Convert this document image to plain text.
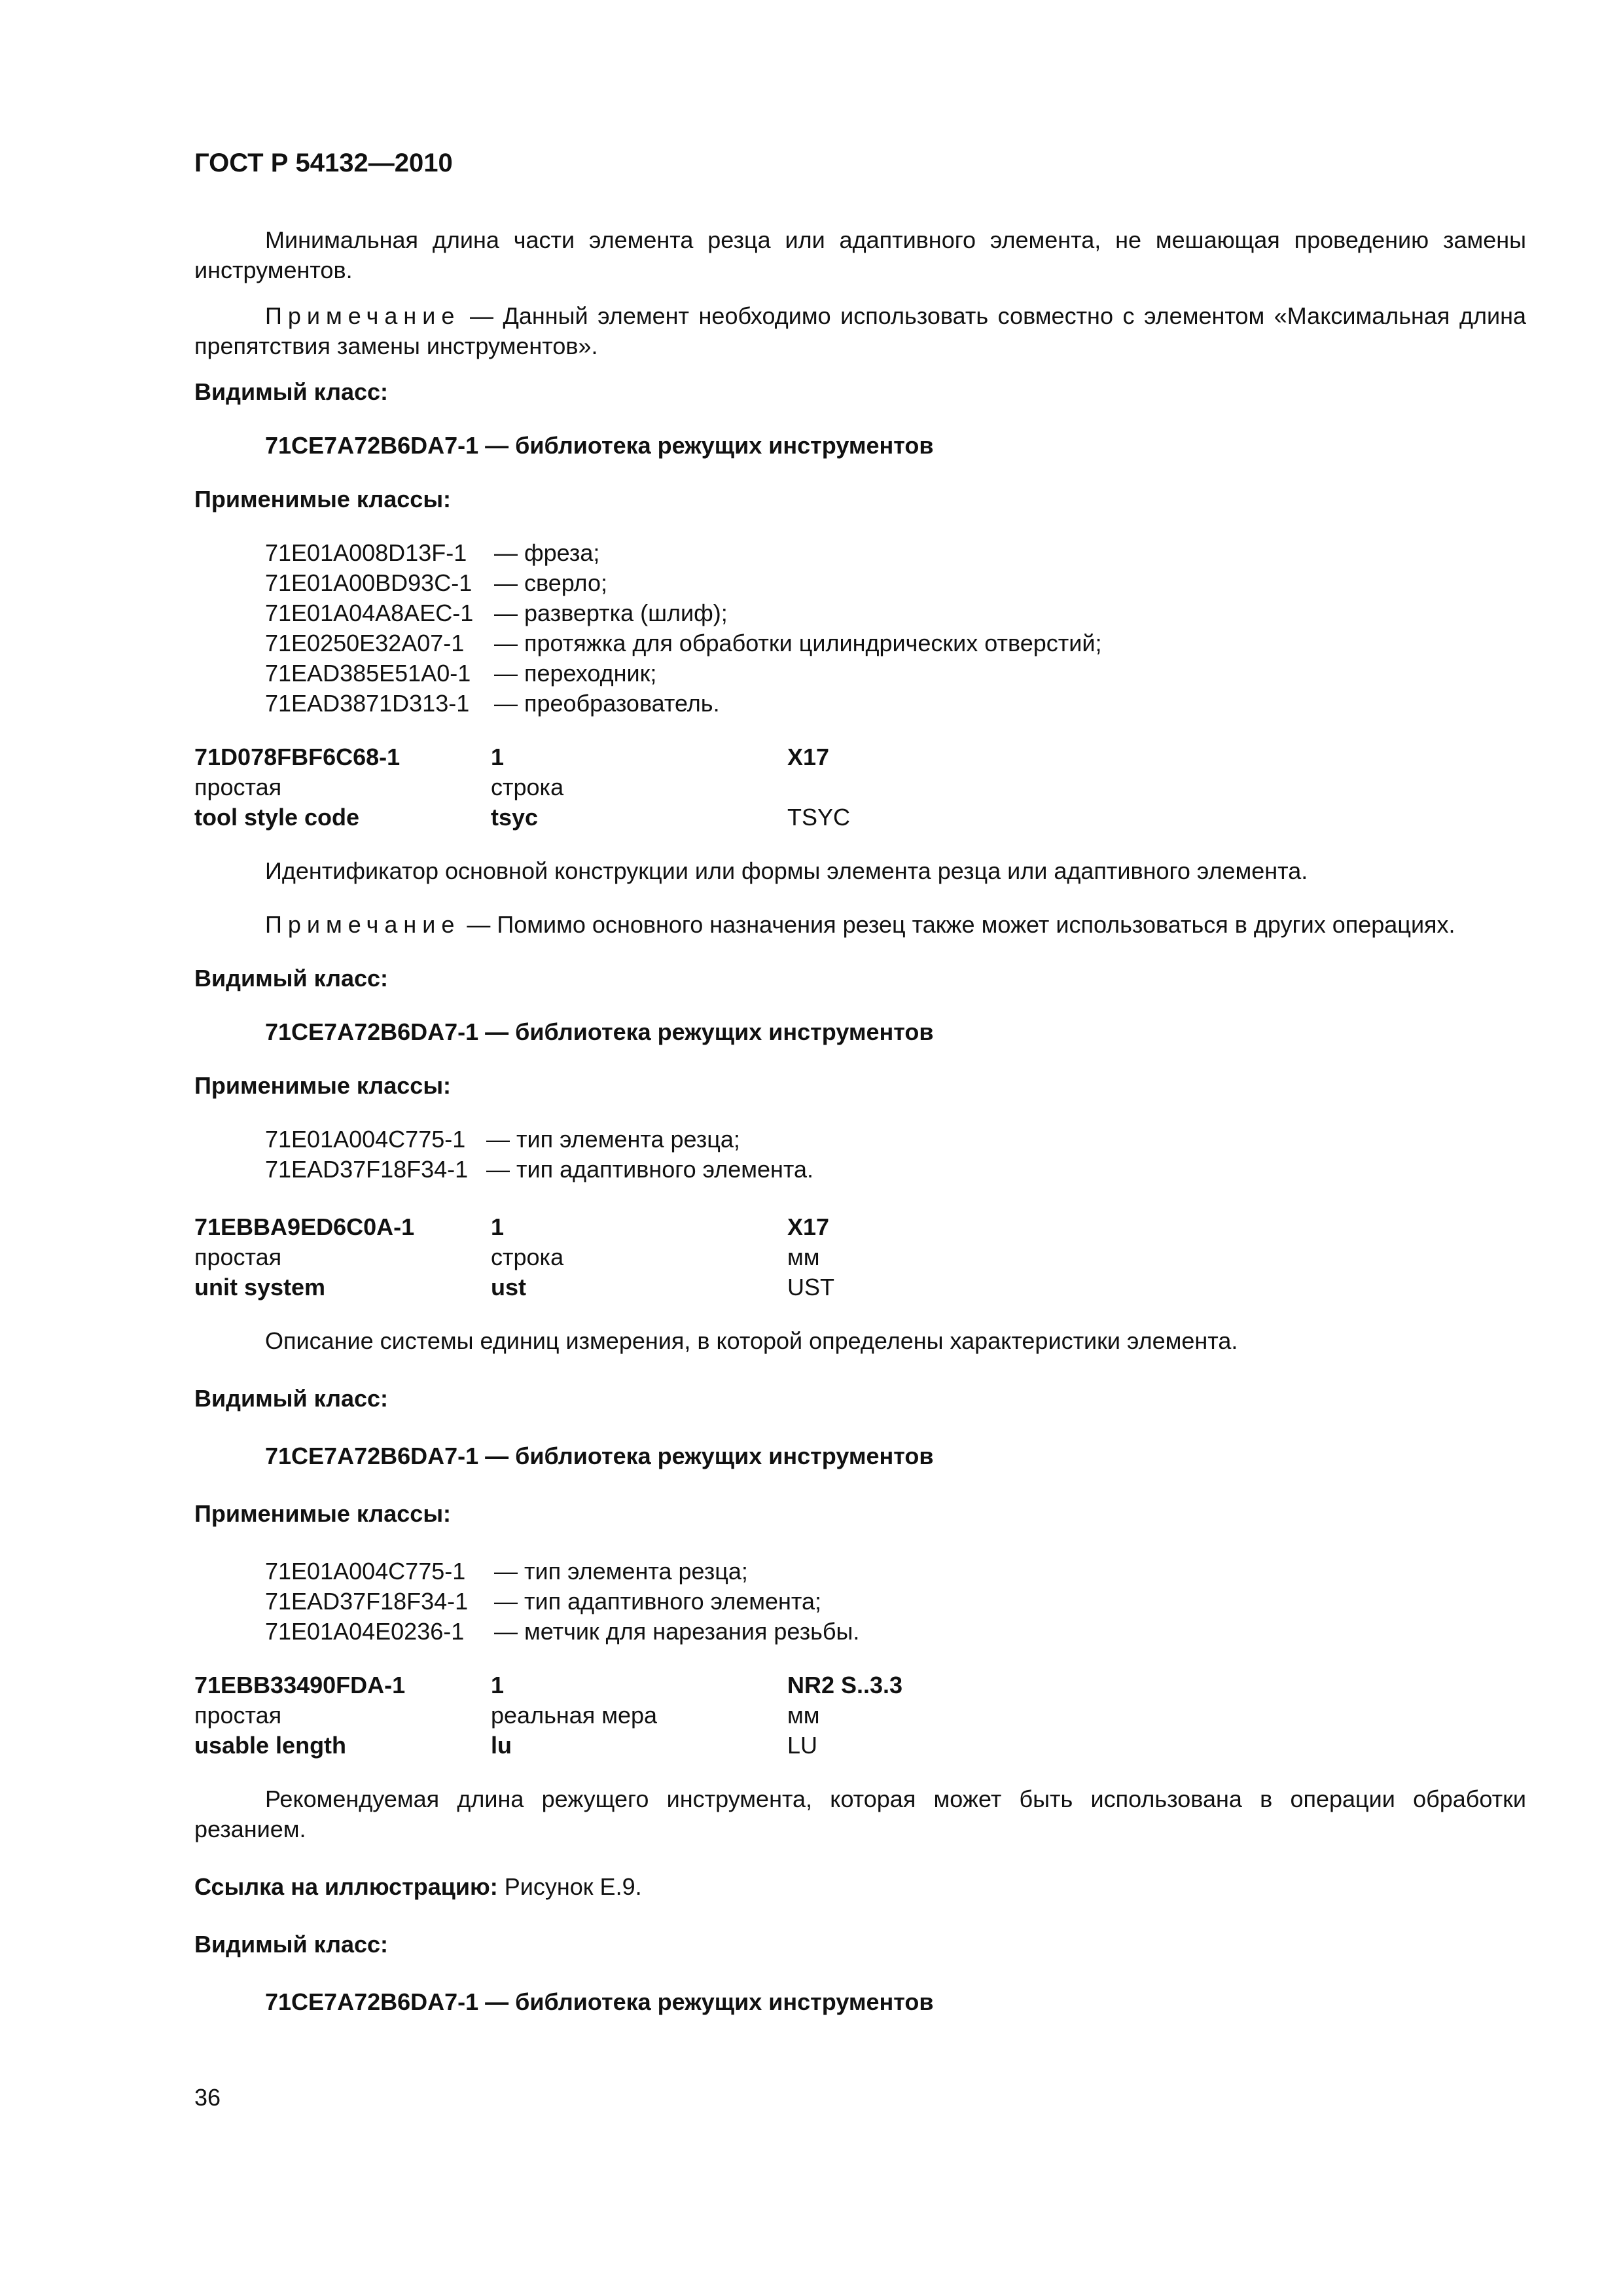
ГОСТ Р 54132—2010

Минимальная длина части элемента резца или адаптивного элемента, не мешающая проведению замены инструментов.

Примечание — Данный элемент необходимо использовать совместно с элементом «Максимальная длина препятствия замены инструментов».

Видимый класс:

71CE7A72B6DA7-1 — библиотека режущих инструментов

Применимые классы:

71E01A008D13F-1	— фреза;
71E01A00BD93C-1	— сверло;
71E01A04A8AEC-1	— развертка (шлиф);
71E0250E32A07-1	— протяжка для обработки цилиндрических отверстий;
71EAD385E51A0-1	— переходник;
71EAD3871D313-1	— преобразователь.
71D078FBF6C68-1	1	X17
простая	строка	
tool style code	tsyc	TSYC

Идентификатор основной конструкции или формы элемента резца или адаптивного элемента.

Примечание — Помимо основного назначения резец также может использоваться в других операциях.

Видимый класс:

71CE7A72B6DA7-1 — библиотека режущих инструментов

Применимые классы:

71E01A004C775-1	— тип элемента резца;
71EAD37F18F34-1	— тип адаптивного элемента.
71EBBA9ED6C0A-1	1	X17
простая	строка	мм
unit system	ust	UST

Описание системы единиц измерения, в которой определены характеристики элемента.

Видимый класс:

71CE7A72B6DA7-1 — библиотека режущих инструментов

Применимые классы:

71E01A004C775-1	— тип элемента резца;
71EAD37F18F34-1	— тип адаптивного элемента;
71E01A04E0236-1	— метчик для нарезания резьбы.
71EBB33490FDA-1	1	NR2 S..3.3
простая	реальная мера	мм
usable length	lu	LU

Рекомендуемая длина режущего инструмента, которая может быть использована в операции обработки резанием.

Ссылка на иллюстрацию: Рисунок Е.9.

Видимый класс:

71CE7A72B6DA7-1 — библиотека режущих инструментов

36
